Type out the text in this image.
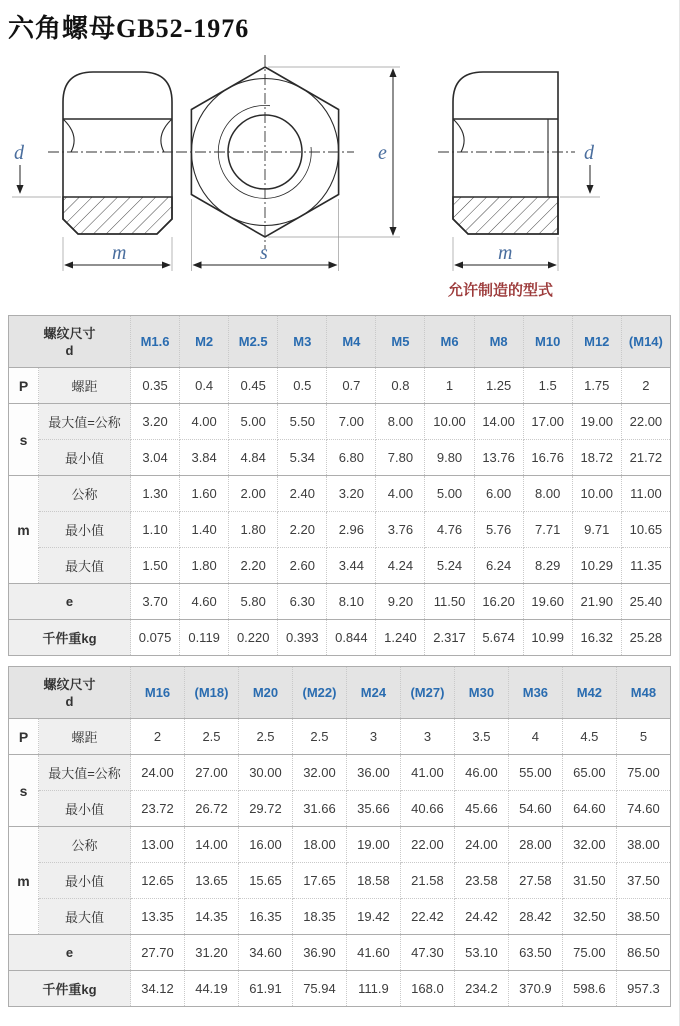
六角螺母GB52-1976
d
m	s
e	d
m
允许制造的型式
螺纹尺寸
d		M1.6	M2	M2.5	M3	M4	M5	M6	M8	M10	M12	(M14)
P	螺距	0.35	0.4	0.45	0.5	0.7	0.8	1	1.25	1.5	1.75	2
s	最大值=公称	3.20	4.00	5.00	5.50	7.00	8.00	10.00	14.00	17.00	19.00	22.00
	最小值	3.04	3.84	4.84	5.34	6.80	7.80	9.80	13.76	16.76	18.72	21.72
m	公称	1.30	1.60	2.00	2.40	3.20	4.00	5.00	6.00	8.00	10.00	11.00
	最小值	1.10	1.40	1.80	2.20	2.96	3.76	4.76	5.76	7.71	9.71	10.65
	最大值	1.50	1.80	2.20	2.60	3.44	4.24	5.24	6.24	8.29	10.29	11.35
e		3.70	4.60	5.80	6.30	8.10	9.20	11.50	16.20	19.60	21.90	25.40
千件重kg		0.075	0.119	0.220	0.393	0.844	1.240	2.317	5.674	10.99	16.32	25.28
螺纹尺寸
d		M16	(M18)	M20	(M22)	M24	(M27)	M30	M36	M42	M48
P	螺距	2	2.5	2.5	2.5	3	3	3.5	4	4.5	5
s	最大值=公称	24.00	27.00	30.00	32.00	36.00	41.00	46.00	55.00	65.00	75.00
	最小值	23.72	26.72	29.72	31.66	35.66	40.66	45.66	54.60	64.60	74.60
m	公称	13.00	14.00	16.00	18.00	19.00	22.00	24.00	28.00	32.00	38.00
	最小值	12.65	13.65	15.65	17.65	18.58	21.58	23.58	27.58	31.50	37.50
	最大值	13.35	14.35	16.35	18.35	19.42	22.42	24.42	28.42	32.50	38.50
e		27.70	31.20	34.60	36.90	41.60	47.30	53.10	63.50	75.00	86.50
千件重kg		34.12	44.19	61.91	75.94	111.9	168.0	234.2	370.9	598.6	957.3
